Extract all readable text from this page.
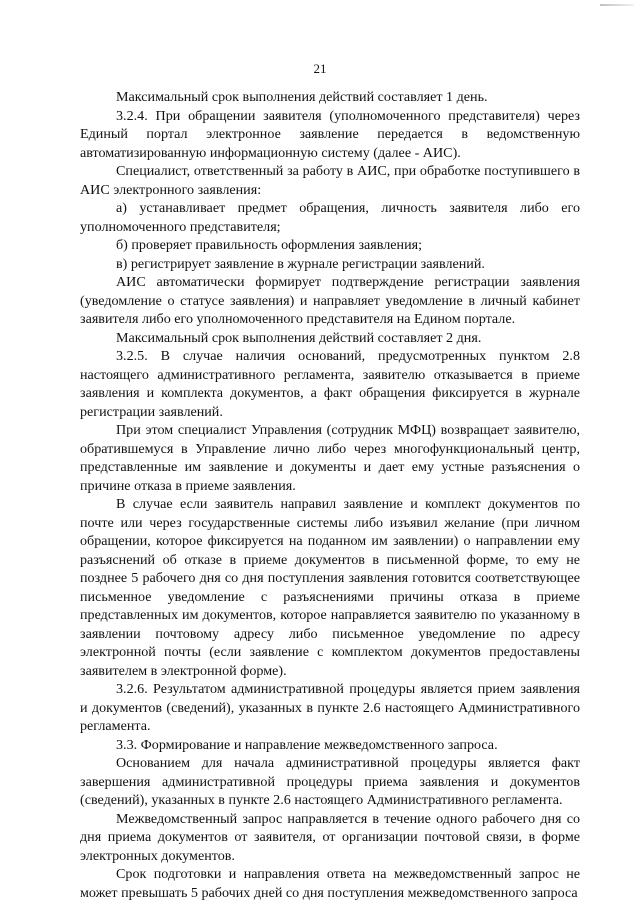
21

Максимальный срок выполнения действий составляет 1 день.

3.2.4. При обращении заявителя (уполномоченного представителя) через Единый портал электронное заявление передается в ведомственную автоматизированную информационную систему (далее - АИС).

Специалист, ответственный за работу в АИС, при обработке поступившего в АИС электронного заявления:

а) устанавливает предмет обращения, личность заявителя либо его уполномоченного представителя;

б) проверяет правильность оформления заявления;

в) регистрирует заявление в журнале регистрации заявлений.

АИС автоматически формирует подтверждение регистрации заявления (уведомление о статусе заявления) и направляет уведомление в личный кабинет заявителя либо его уполномоченного представителя на Едином портале.

Максимальный срок выполнения действий составляет 2 дня.

3.2.5. В случае наличия оснований, предусмотренных пунктом 2.8 настоящего административного регламента, заявителю отказывается в приеме заявления и комплекта документов, а факт обращения фиксируется в журнале регистрации заявлений.

При этом специалист Управления (сотрудник МФЦ) возвращает заявителю, обратившемуся в Управление лично либо через многофункциональный центр, представленные им заявление и документы и дает ему устные разъяснения о причине отказа в приеме заявления.

В случае если заявитель направил заявление и комплект документов по почте или через государственные системы либо изъявил желание (при личном обращении, которое фиксируется на поданном им заявлении) о направлении ему разъяснений об отказе в приеме документов в письменной форме, то ему не позднее 5 рабочего дня со дня поступления заявления готовится соответствующее письменное уведомление с разъяснениями причины отказа в приеме представленных им документов, которое направляется заявителю по указанному в заявлении почтовому адресу либо письменное уведомление по адресу электронной почты (если заявление с комплектом документов предоставлены заявителем в электронной форме).

3.2.6. Результатом административной процедуры является прием заявления и документов (сведений), указанных в пункте 2.6 настоящего Административного регламента.

3.3. Формирование и направление межведомственного запроса.

Основанием для начала административной процедуры является факт завершения административной процедуры приема заявления и документов (сведений), указанных в пункте 2.6 настоящего Административного регламента.

Межведомственный запрос направляется в течение одного рабочего дня со дня приема документов от заявителя, от организации почтовой связи, в форме электронных документов.

Срок подготовки и направления ответа на межведомственный запрос не может превышать 5 рабочих дней со дня поступления межведомственного запроса
